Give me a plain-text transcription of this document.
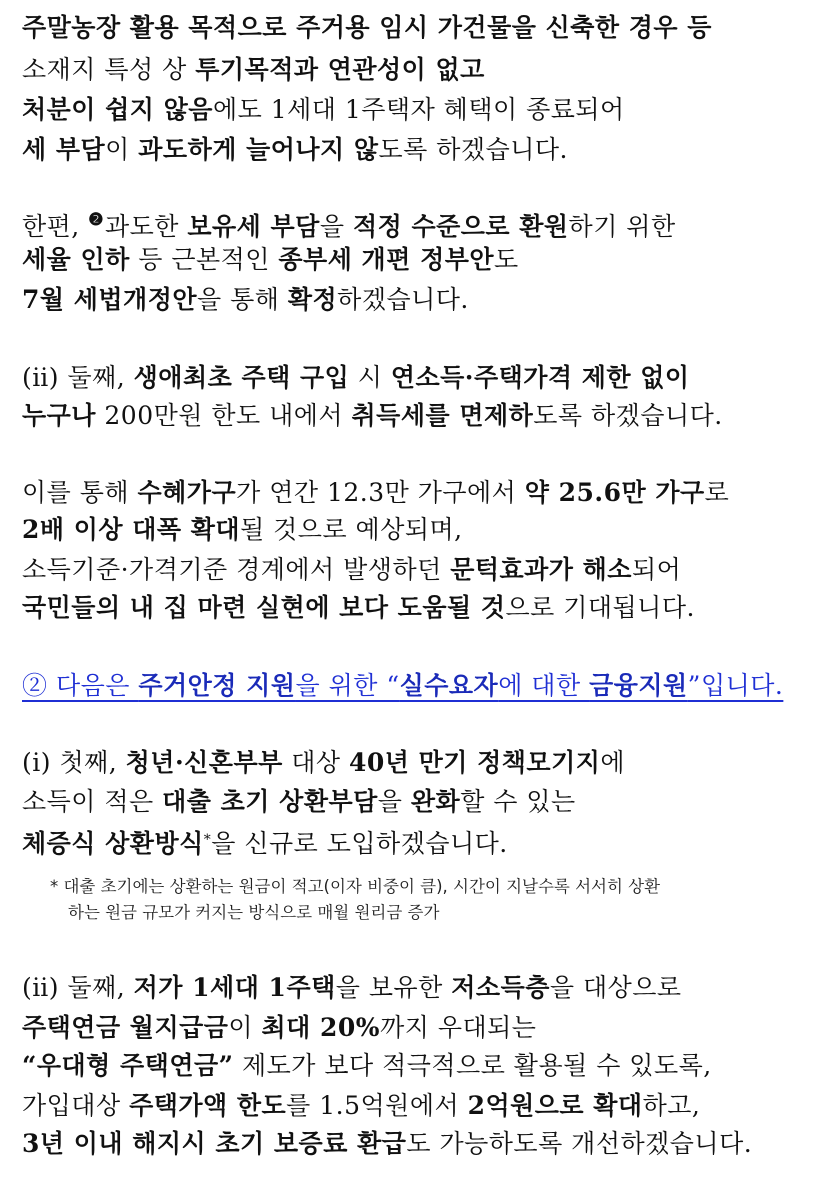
주말농장 활용 목적으로 주거용 임시 가건물을 신축한 경우 등
소재지 특성 상 투기목적과 연관성이 없고
처분이 쉽지 않음에도 1세대 1주택자 혜택이 종료되어
세 부담이 과도하게 늘어나지 않도록 하겠습니다.
한편, ❷과도한 보유세 부담을 적정 수준으로 환원하기 위한
세율 인하 등 근본적인 종부세 개편 정부안도
7월 세법개정안을 통해 확정하겠습니다.
(ⅱ) 둘째, 생애최초 주택 구입 시 연소득·주택가격 제한 없이
누구나 200만원 한도 내에서 취득세를 면제하도록 하겠습니다.
이를 통해 수혜가구가 연간 12.3만 가구에서 약 25.6만 가구로
2배 이상 대폭 확대될 것으로 예상되며,
소득기준·가격기준 경계에서 발생하던 문턱효과가 해소되어
국민들의 내 집 마련 실현에 보다 도움될 것으로 기대됩니다.
② 다음은 주거안정 지원을 위한 “실수요자에 대한 금융지원”입니다.
(ⅰ) 첫째, 청년·신혼부부 대상 40년 만기 정책모기지에
소득이 적은 대출 초기 상환부담을 완화할 수 있는
체증식 상환방식*을 신규로 도입하겠습니다.
* 대출 초기에는 상환하는 원금이 적고(이자 비중이 큼), 시간이 지날수록 서서히 상환
하는 원금 규모가 커지는 방식으로 매월 원리금 증가
(ⅱ) 둘째, 저가 1세대 1주택을 보유한 저소득층을 대상으로
주택연금 월지급금이 최대 20%까지 우대되는
“우대형 주택연금” 제도가 보다 적극적으로 활용될 수 있도록,
가입대상 주택가액 한도를 1.5억원에서 2억원으로 확대하고,
3년 이내 해지시 초기 보증료 환급도 가능하도록 개선하겠습니다.
